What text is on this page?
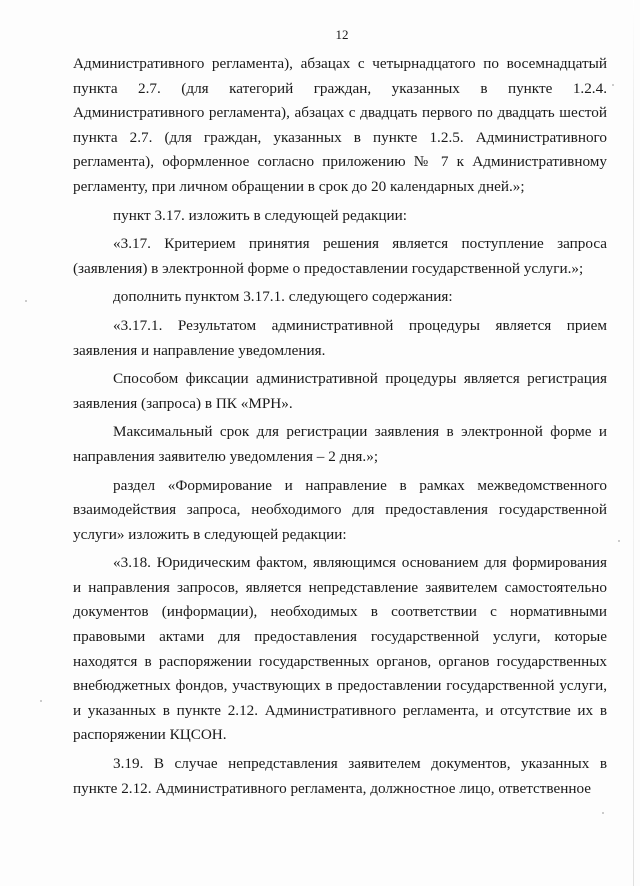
12

Административного регламента), абзацах с четырнадцатого по восемнадцатый пункта 2.7. (для категорий граждан, указанных в пункте 1.2.4. Административного регламента), абзацах с двадцать первого по двадцать шестой пункта 2.7. (для граждан, указанных в пункте 1.2.5. Административного регламента), оформленное согласно приложению № 7 к Административному регламенту, при личном обращении в срок до 20 календарных дней.»;

пункт 3.17. изложить в следующей редакции:

«3.17. Критерием принятия решения является поступление запроса (заявления) в электронной форме о предоставлении государственной услуги.»;

дополнить пунктом 3.17.1. следующего содержания:

«3.17.1. Результатом административной процедуры является прием заявления и направление уведомления.

Способом фиксации административной процедуры является регистрация заявления (запроса) в ПК «МРН».

Максимальный срок для регистрации заявления в электронной форме и направления заявителю уведомления – 2 дня.»;

раздел «Формирование и направление в рамках межведомственного взаимодействия запроса, необходимого для предоставления государственной услуги» изложить в следующей редакции:

«3.18. Юридическим фактом, являющимся основанием для формирования и направления запросов, является непредставление заявителем самостоятельно документов (информации), необходимых в соответствии с нормативными правовыми актами для предоставления государственной услуги, которые находятся в распоряжении государственных органов, органов государственных внебюджетных фондов, участвующих в предоставлении государственной услуги, и указанных в пункте 2.12. Административного регламента, и отсутствие их в распоряжении КЦСОН.

3.19. В случае непредставления заявителем документов, указанных в пункте 2.12. Административного регламента, должностное лицо, ответственное
